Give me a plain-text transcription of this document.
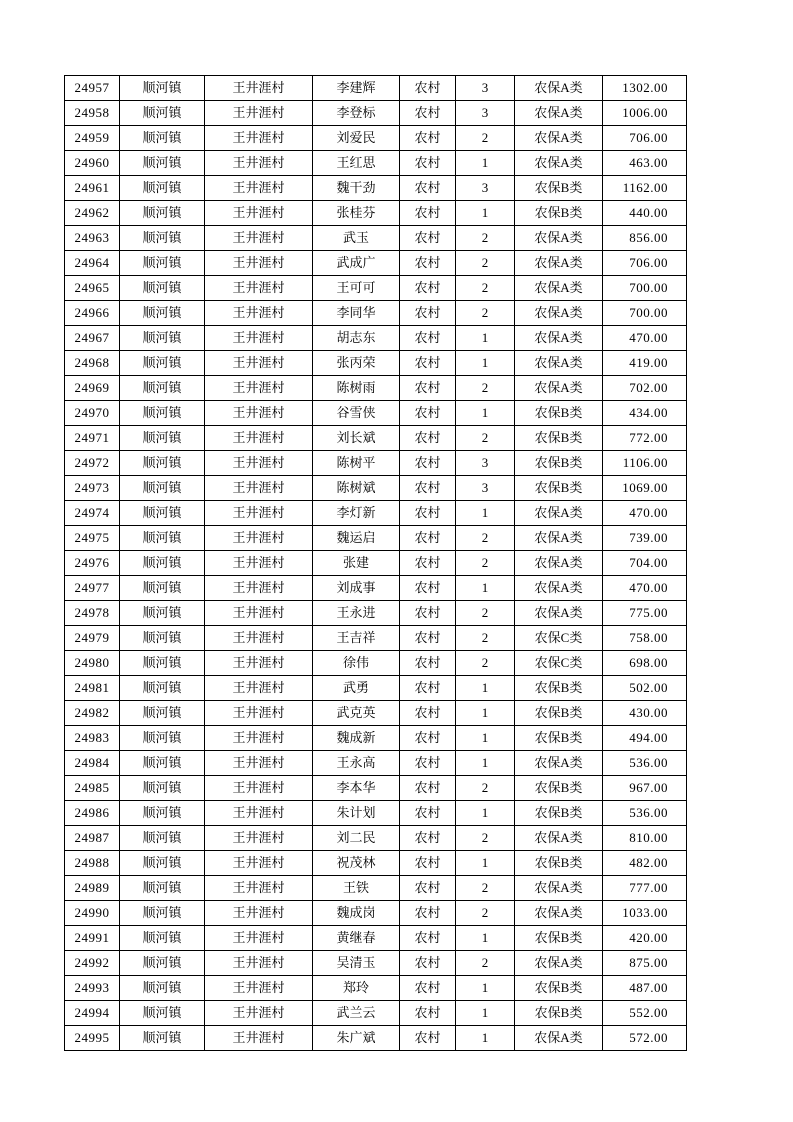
24957	顺河镇	王井涯村	李建辉	农村	3	农保A类	1302.00
24958	顺河镇	王井涯村	李登标	农村	3	农保A类	1006.00
24959	顺河镇	王井涯村	刘爱民	农村	2	农保A类	706.00
24960	顺河镇	王井涯村	王红思	农村	1	农保A类	463.00
24961	顺河镇	王井涯村	魏干劲	农村	3	农保B类	1162.00
24962	顺河镇	王井涯村	张桂芬	农村	1	农保B类	440.00
24963	顺河镇	王井涯村	武玉	农村	2	农保A类	856.00
24964	顺河镇	王井涯村	武成广	农村	2	农保A类	706.00
24965	顺河镇	王井涯村	王可可	农村	2	农保A类	700.00
24966	顺河镇	王井涯村	李同华	农村	2	农保A类	700.00
24967	顺河镇	王井涯村	胡志东	农村	1	农保A类	470.00
24968	顺河镇	王井涯村	张丙荣	农村	1	农保A类	419.00
24969	顺河镇	王井涯村	陈树雨	农村	2	农保A类	702.00
24970	顺河镇	王井涯村	谷雪侠	农村	1	农保B类	434.00
24971	顺河镇	王井涯村	刘长斌	农村	2	农保B类	772.00
24972	顺河镇	王井涯村	陈树平	农村	3	农保B类	1106.00
24973	顺河镇	王井涯村	陈树斌	农村	3	农保B类	1069.00
24974	顺河镇	王井涯村	李灯新	农村	1	农保A类	470.00
24975	顺河镇	王井涯村	魏运启	农村	2	农保A类	739.00
24976	顺河镇	王井涯村	张建	农村	2	农保A类	704.00
24977	顺河镇	王井涯村	刘成事	农村	1	农保A类	470.00
24978	顺河镇	王井涯村	王永进	农村	2	农保A类	775.00
24979	顺河镇	王井涯村	王吉祥	农村	2	农保C类	758.00
24980	顺河镇	王井涯村	徐伟	农村	2	农保C类	698.00
24981	顺河镇	王井涯村	武勇	农村	1	农保B类	502.00
24982	顺河镇	王井涯村	武克英	农村	1	农保B类	430.00
24983	顺河镇	王井涯村	魏成新	农村	1	农保B类	494.00
24984	顺河镇	王井涯村	王永高	农村	1	农保A类	536.00
24985	顺河镇	王井涯村	李本华	农村	2	农保B类	967.00
24986	顺河镇	王井涯村	朱计划	农村	1	农保B类	536.00
24987	顺河镇	王井涯村	刘二民	农村	2	农保A类	810.00
24988	顺河镇	王井涯村	祝茂林	农村	1	农保B类	482.00
24989	顺河镇	王井涯村	王铁	农村	2	农保A类	777.00
24990	顺河镇	王井涯村	魏成岗	农村	2	农保A类	1033.00
24991	顺河镇	王井涯村	黄继春	农村	1	农保B类	420.00
24992	顺河镇	王井涯村	吴清玉	农村	2	农保A类	875.00
24993	顺河镇	王井涯村	郑玲	农村	1	农保B类	487.00
24994	顺河镇	王井涯村	武兰云	农村	1	农保B类	552.00
24995	顺河镇	王井涯村	朱广斌	农村	1	农保A类	572.00
